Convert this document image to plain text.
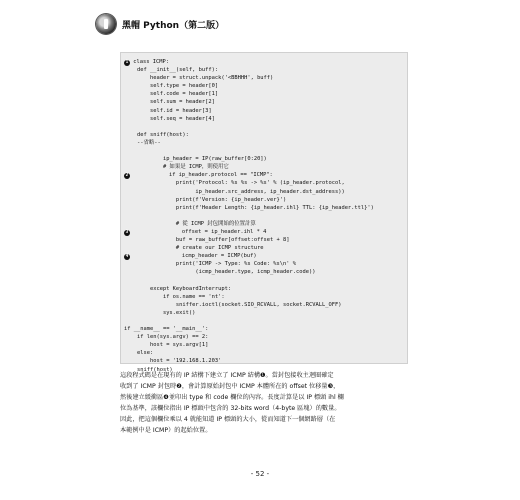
黑帽 Python（第二版）
1 class ICMP:
def __init__(self, buff):
header = struct.unpack('<BBHHH', buff)
self.type = header[0]
self.code = header[1]
self.sum = header[2]
self.id = header[3]
self.seq = header[4]

def sniff(host):
--省略--

ip_header = IP(raw_buffer[0:20])
# 如果是 ICMP，則使用它
2            if ip_header.protocol == "ICMP":
print('Protocol: %s %s -> %s' % (ip_header.protocol,
ip_header.src_address, ip_header.dst_address))
print(f'Version: {ip_header.ver}')
print(f'Header Length: {ip_header.ihl} TTL: {ip_header.ttl}')

# 從 ICMP 封包開始的位置計算
3                offset = ip_header.ihl * 4
buf = raw_buffer[offset:offset + 8]
# create our ICMP structure
4                icmp_header = ICMP(buf)
print('ICMP -> Type: %s Code: %s\n' %
(icmp_header.type, icmp_header.code))

except KeyboardInterrupt:
if os.name == 'nt':
sniffer.ioctl(socket.SIO_RCVALL, socket.RCVALL_OFF)
sys.exit()

if __name__ == '__main__':
if len(sys.argv) == 2:
host = sys.argv[1]
else:
host = '192.168.1.203'
sniff(host)

這段程式碼是在現有的 IP 結構下建立了 ICMP 結構❶。當封包接收主迴圈確定

收到了 ICMP 封包時❷，會計算原始封包中 ICMP 本體所在的 offset 位移量❸，

然後建立緩衝區❹並印出 type 和 code 欄位的內容。長度計算是以 IP 標頭 ihl 欄

位為基準，該欄位指出 IP 標頭中包含的 32-bits word（4-byte 區塊）的數量。

因此，把這個欄位乘以 4 就能知道 IP 標頭的大小，從而知道下一個網路層（在

本範例中是 ICMP）的起始位置。

- 52 -
